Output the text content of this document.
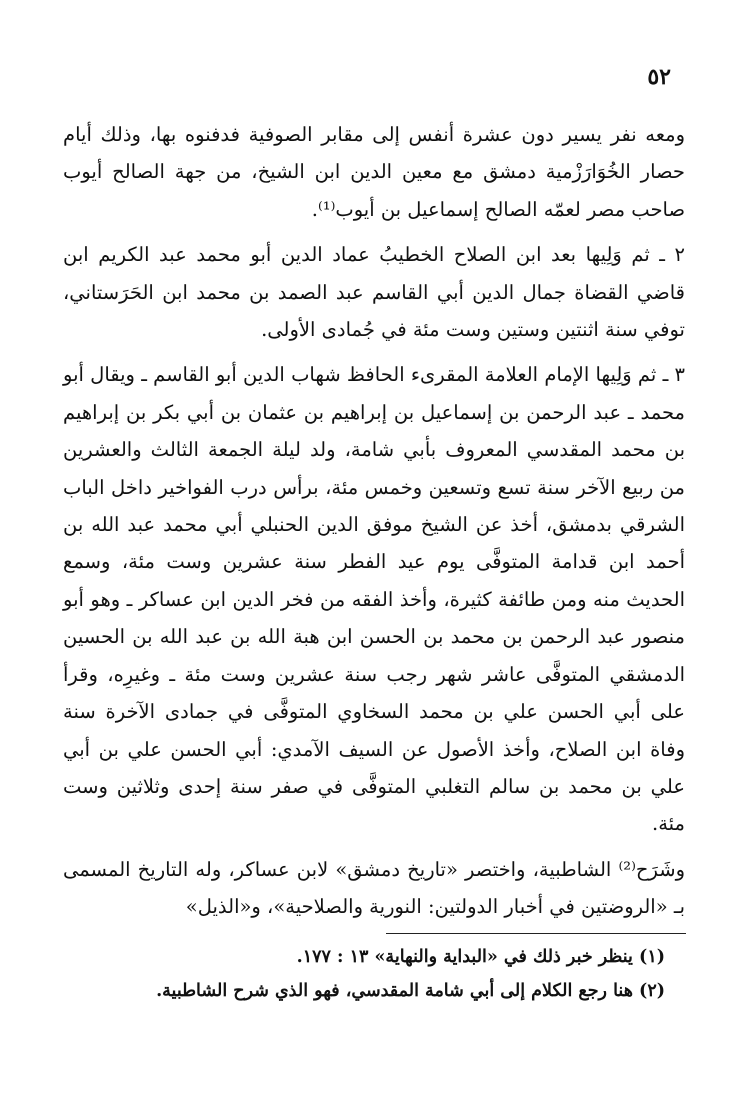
٥٢

ومعه نفر يسير دون عشرة أنفس إلى مقابر الصوفية فدفنوه بها، وذلك أيام حصار الخُوَارَزْمية دمشق مع معين الدين ابن الشيخ، من جهة الصالح أيوب صاحب مصر لعمّه الصالح إسماعيل بن أيوب⁽¹⁾.

٢ ـ ثم وَلِيها بعد ابن الصلاح الخطيبُ عماد الدين أبو محمد عبد الكريم ابن قاضي القضاة جمال الدين أبي القاسم عبد الصمد بن محمد ابن الحَرَستاني، توفي سنة اثنتين وستين وست مئة في جُمادى الأولى.

٣ ـ ثم وَلِيها الإمام العلامة المقرىء الحافظ شهاب الدين أبو القاسم ـ ويقال أبو محمد ـ عبد الرحمن بن إسماعيل بن إبراهيم بن عثمان بن أبي بكر بن إبراهيم بن محمد المقدسي المعروف بأبي شامة، ولد ليلة الجمعة الثالث والعشرين من ربيع الآخر سنة تسع وتسعين وخمس مئة، برأس درب الفواخير داخل الباب الشرقي بدمشق، أخذ عن الشيخ موفق الدين الحنبلي أبي محمد عبد الله بن أحمد ابن قدامة المتوفَّى يوم عيد الفطر سنة عشرين وست مئة، وسمع الحديث منه ومن طائفة كثيرة، وأخذ الفقه من فخر الدين ابن عساكر ـ وهو أبو منصور عبد الرحمن بن محمد بن الحسن ابن هبة الله بن عبد الله بن الحسين الدمشقي المتوفَّى عاشر شهر رجب سنة عشرين وست مئة ـ وغيرِه، وقرأ على أبي الحسن علي بن محمد السخاوي المتوفَّى في جمادى الآخرة سنة وفاة ابن الصلاح، وأخذ الأصول عن السيف الآمدي: أبي الحسن علي بن أبي علي بن محمد بن سالم التغلبي المتوفَّى في صفر سنة إحدى وثلاثين وست مئة.

وشَرَح⁽²⁾ الشاطبية، واختصر «تاريخ دمشق» لابن عساكر، وله التاريخ المسمى بـ «الروضتين في أخبار الدولتين: النورية والصلاحية»، و«الذيل»

(١) ينظر خبر ذلك في «البداية والنهاية» ١٣ : ١٧٧.

(٢) هنا رجع الكلام إلى أبي شامة المقدسي، فهو الذي شرح الشاطبية.
